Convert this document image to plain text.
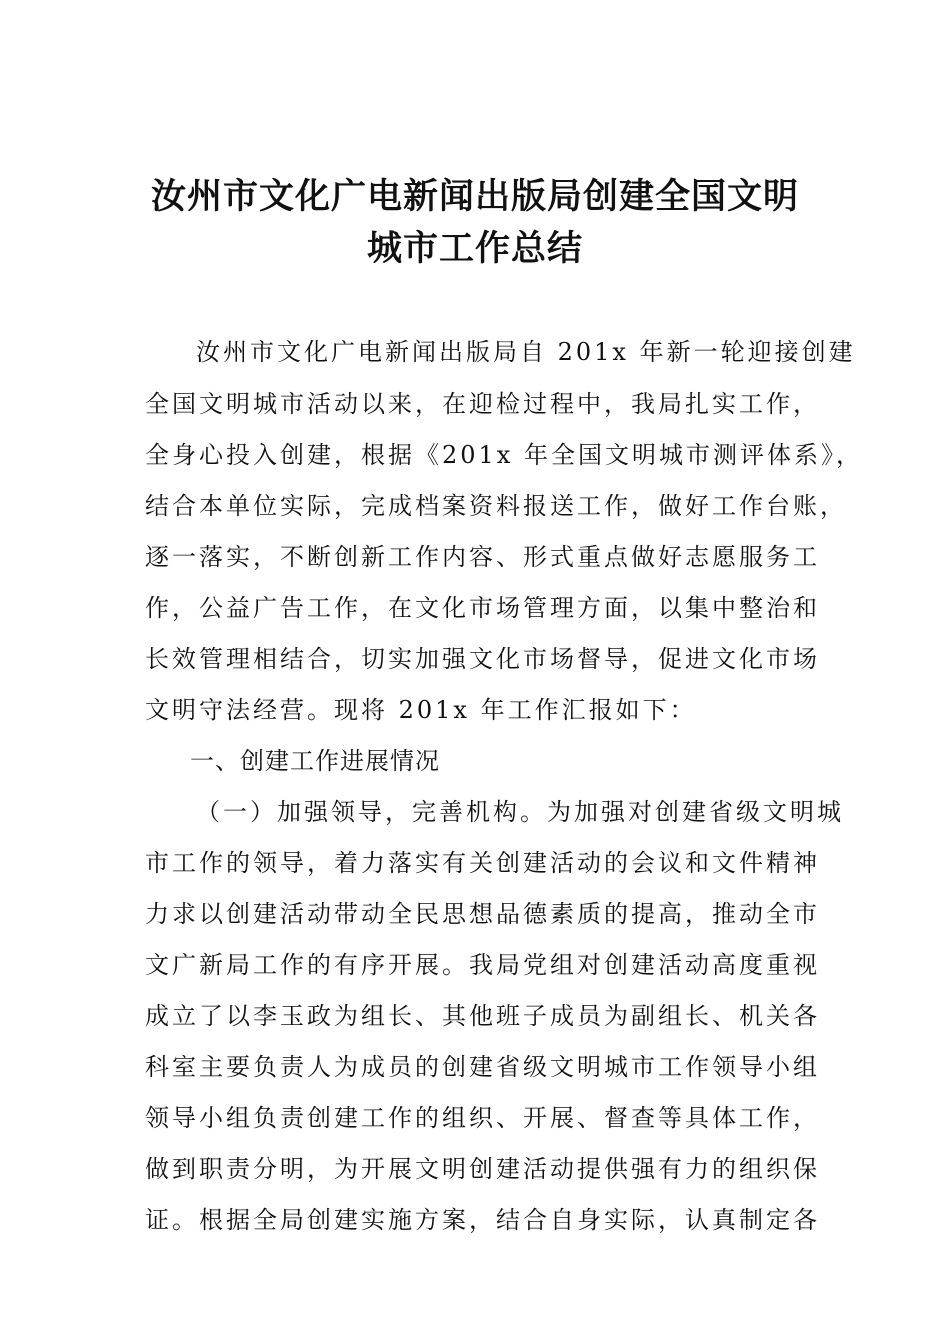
汝州市文化广电新闻出版局创建全国文明
城市工作总结
汝州市文化广电新闻出版局自 201x 年新一轮迎接创建
全国文明城市活动以来，在迎检过程中，我局扎实工作，
全身心投入创建，根据《201x 年全国文明城市测评体系》，
结合本单位实际，完成档案资料报送工作，做好工作台账，
逐一落实，不断创新工作内容、形式重点做好志愿服务工
作，公益广告工作，在文化市场管理方面，以集中整治和
长效管理相结合，切实加强文化市场督导，促进文化市场
文明守法经营。现将 201x 年工作汇报如下：
一、创建工作进展情况
（一）加强领导，完善机构。为加强对创建省级文明城
市工作的领导，着力落实有关创建活动的会议和文件精神
力求以创建活动带动全民思想品德素质的提高，推动全市
文广新局工作的有序开展。我局党组对创建活动高度重视
成立了以李玉政为组长、其他班子成员为副组长、机关各
科室主要负责人为成员的创建省级文明城市工作领导小组
领导小组负责创建工作的组织、开展、督查等具体工作，
做到职责分明，为开展文明创建活动提供强有力的组织保
证。根据全局创建实施方案，结合自身实际，认真制定各
